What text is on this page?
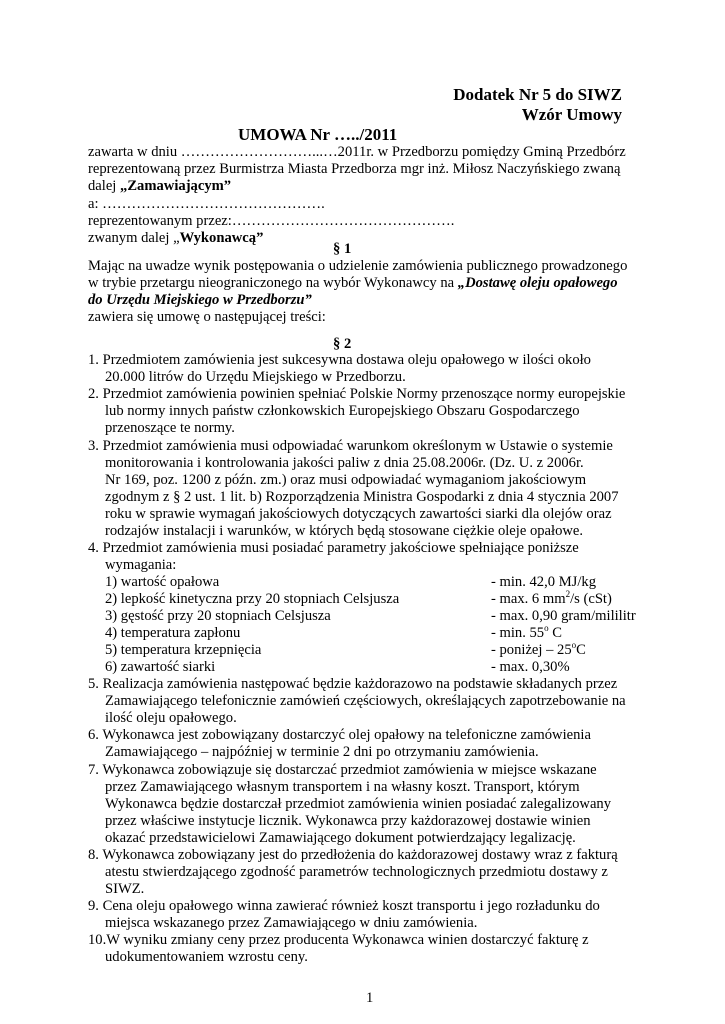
Dodatek Nr 5 do SIWZ
Wzór Umowy
UMOWA Nr …../2011
zawarta w dniu ………………………...…2011r. w Przedborzu pomiędzy Gminą Przedbórz
reprezentowaną przez Burmistrza Miasta Przedborza mgr inż. Miłosz Naczyńskiego zwaną
dalej „Zamawiającym”
a: ……………………………………….
reprezentowanym przez:……………………………………….
zwanym dalej „Wykonawcą”
§ 1
Mając na uwadze wynik postępowania o udzielenie zamówienia publicznego prowadzonego
w trybie przetargu nieograniczonego na wybór Wykonawcy na „Dostawę oleju opałowego
do Urzędu Miejskiego w Przedborzu”
zawiera się umowę o następującej treści:
§ 2
1. Przedmiotem zamówienia jest sukcesywna dostawa oleju opałowego w ilości około
20.000 litrów do Urzędu Miejskiego w Przedborzu.
2. Przedmiot zamówienia powinien spełniać Polskie Normy przenoszące normy europejskie
lub normy innych państw członkowskich Europejskiego Obszaru Gospodarczego
przenoszące te normy.
3. Przedmiot zamówienia musi odpowiadać warunkom określonym w Ustawie o systemie
monitorowania i kontrolowania jakości paliw z dnia 25.08.2006r. (Dz. U. z 2006r.
Nr 169, poz. 1200 z późn. zm.) oraz musi odpowiadać wymaganiom jakościowym
zgodnym z § 2 ust. 1 lit. b) Rozporządzenia Ministra Gospodarki z dnia 4 stycznia 2007
roku w sprawie wymagań jakościowych dotyczących zawartości siarki dla olejów oraz
rodzajów instalacji i warunków, w których będą stosowane ciężkie oleje opałowe.
4. Przedmiot zamówienia musi posiadać parametry jakościowe spełniające poniższe
wymagania:
1) wartość opałowa	- min. 42,0 MJ/kg
2) lepkość kinetyczna przy 20 stopniach Celsjusza	- max. 6 $mm^2/s$ (cSt)
3) gęstość przy 20 stopniach Celsjusza	- max. 0,90 gram/mililitr
4) temperatura zapłonu	- min. 55$^o$ C
5) temperatura krzepnięcia	- poniżej – 25$^o$C
6) zawartość siarki	- max. 0,30%
5. Realizacja zamówienia następować będzie każdorazowo na podstawie składanych przez
Zamawiającego telefonicznie zamówień częściowych, określających zapotrzebowanie na
ilość oleju opałowego.
6. Wykonawca jest zobowiązany dostarczyć olej opałowy na telefoniczne zamówienia
Zamawiającego – najpóźniej w terminie 2 dni po otrzymaniu zamówienia.
7. Wykonawca zobowiązuje się dostarczać przedmiot zamówienia w miejsce wskazane
przez Zamawiającego własnym transportem i na własny koszt. Transport, którym
Wykonawca będzie dostarczał przedmiot zamówienia winien posiadać zalegalizowany
przez właściwe instytucje licznik. Wykonawca przy każdorazowej dostawie winien
okazać przedstawicielowi Zamawiającego dokument potwierdzający legalizację.
8. Wykonawca zobowiązany jest do przedłożenia do każdorazowej dostawy wraz z fakturą
atestu stwierdzającego zgodność parametrów technologicznych przedmiotu dostawy z
SIWZ.
9. Cena oleju opałowego winna zawierać również koszt transportu i jego rozładunku do
miejsca wskazanego przez Zamawiającego w dniu zamówienia.
10.W wyniku zmiany ceny przez producenta Wykonawca winien dostarczyć fakturę z
udokumentowaniem wzrostu ceny.
1
